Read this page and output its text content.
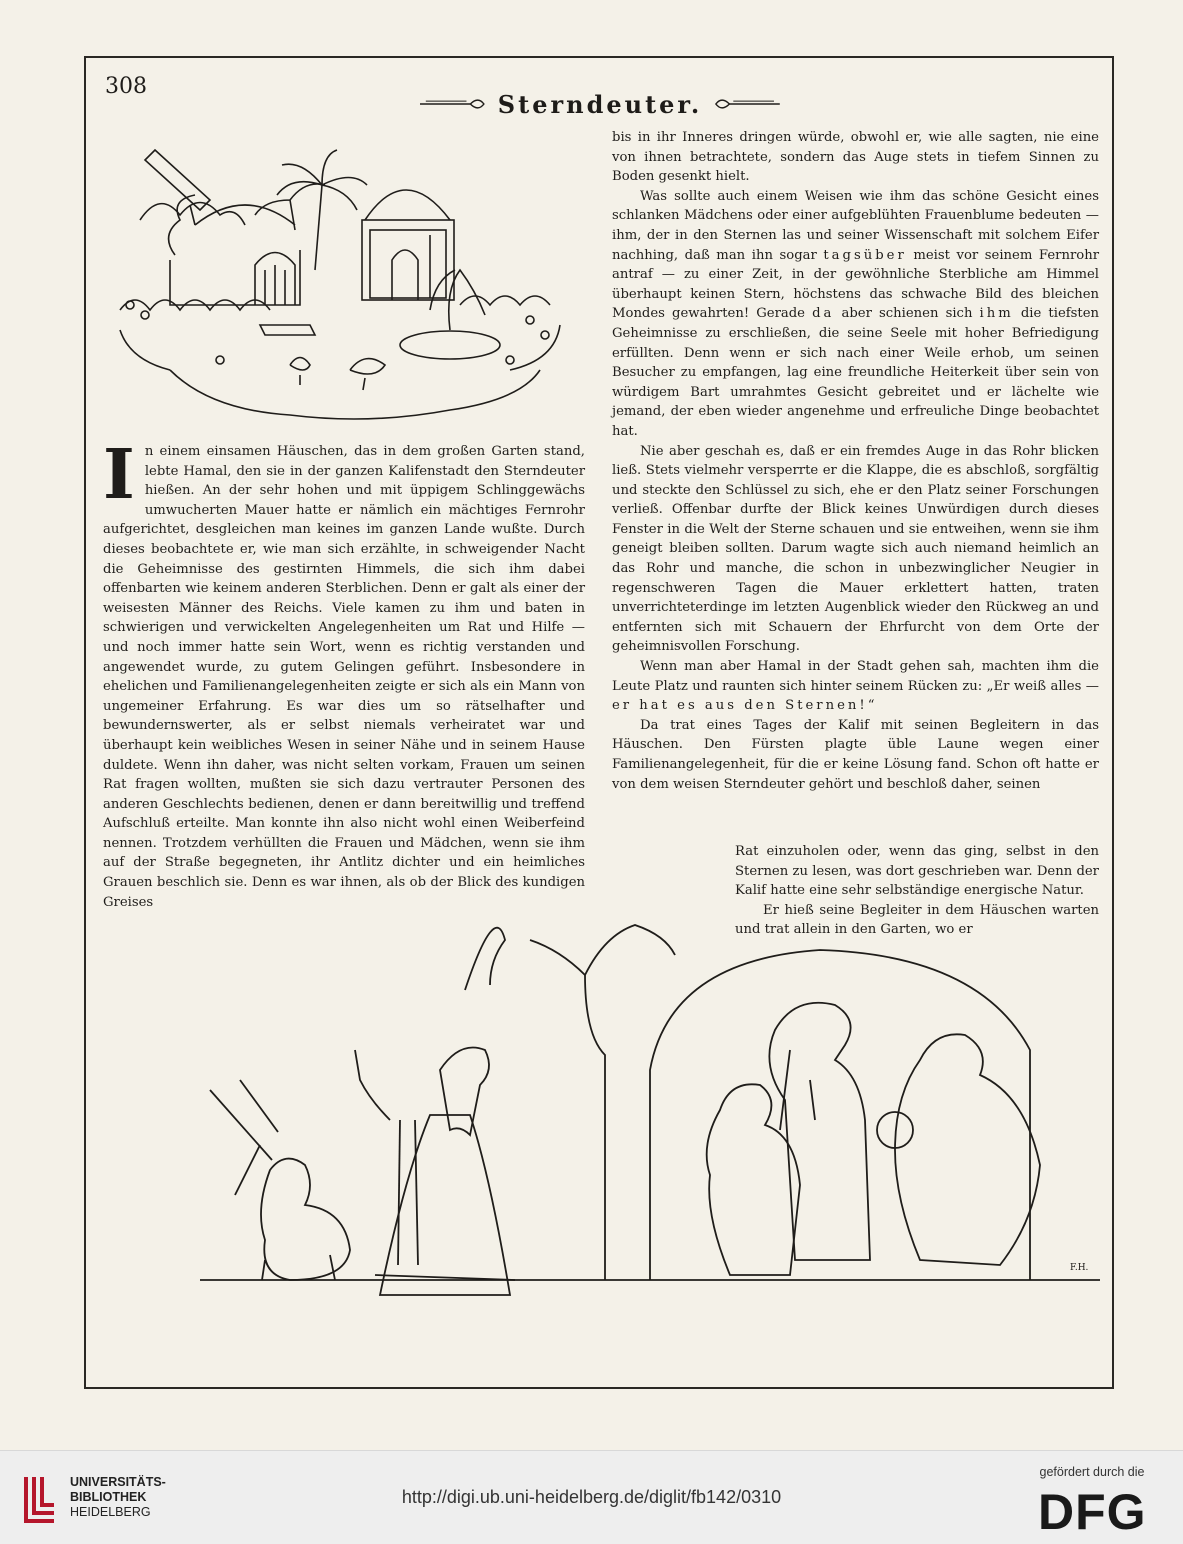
308
Sterndeuter.

In einem einsamen Häuschen, das in dem großen Garten stand, lebte Hamal, den sie in der ganzen Kalifenstadt den Sterndeuter hießen. An der sehr hohen und mit üppigem Schlinggewächs umwucherten Mauer hatte er nämlich ein mächtiges Fernrohr aufgerichtet, desgleichen man keines im ganzen Lande wußte. Durch dieses beobachtete er, wie man sich erzählte, in schweigender Nacht die Geheimnisse des gestirnten Himmels, die sich ihm dabei offenbarten wie keinem anderen Sterblichen. Denn er galt als einer der weisesten Männer des Reichs. Viele kamen zu ihm und baten in schwierigen und verwickelten Angelegenheiten um Rat und Hilfe — und noch immer hatte sein Wort, wenn es richtig verstanden und angewendet wurde, zu gutem Gelingen geführt. Insbesondere in ehelichen und Familienangelegenheiten zeigte er sich als ein Mann von ungemeiner Erfahrung. Es war dies um so rätselhafter und bewundernswerter, als er selbst niemals verheiratet war und überhaupt kein weibliches Wesen in seiner Nähe und in seinem Hause duldete. Wenn ihn daher, was nicht selten vorkam, Frauen um seinen Rat fragen wollten, mußten sie sich dazu vertrauter Personen des anderen Geschlechts bedienen, denen er dann bereitwillig und treffend Aufschluß erteilte. Man konnte ihn also nicht wohl einen Weiberfeind nennen. Trotzdem verhüllten die Frauen und Mädchen, wenn sie ihm auf der Straße begegneten, ihr Antlitz dichter und ein heimliches Grauen beschlich sie. Denn es war ihnen, als ob der Blick des kundigen Greises

bis in ihr Inneres dringen würde, obwohl er, wie alle sagten, nie eine von ihnen betrachtete, sondern das Auge stets in tiefem Sinnen zu Boden gesenkt hielt.

Was sollte auch einem Weisen wie ihm das schöne Gesicht eines schlanken Mädchens oder einer aufgeblühten Frauenblume bedeuten — ihm, der in den Sternen las und seiner Wissenschaft mit solchem Eifer nachhing, daß man ihn sogar tagsüber meist vor seinem Fernrohr antraf — zu einer Zeit, in der gewöhnliche Sterbliche am Himmel überhaupt keinen Stern, höchstens das schwache Bild des bleichen Mondes gewahrten! Gerade da aber schienen sich ihm die tiefsten Geheimnisse zu erschließen, die seine Seele mit hoher Befriedigung erfüllten. Denn wenn er sich nach einer Weile erhob, um seinen Besucher zu empfangen, lag eine freundliche Heiterkeit über sein von würdigem Bart umrahmtes Gesicht gebreitet und er lächelte wie jemand, der eben wieder angenehme und erfreuliche Dinge beobachtet hat.

Nie aber geschah es, daß er ein fremdes Auge in das Rohr blicken ließ. Stets vielmehr versperrte er die Klappe, die es abschloß, sorgfältig und steckte den Schlüssel zu sich, ehe er den Platz seiner Forschungen verließ. Offenbar durfte der Blick keines Unwürdigen durch dieses Fenster in die Welt der Sterne schauen und sie entweihen, wenn sie ihm geneigt bleiben sollten. Darum wagte sich auch niemand heimlich an das Rohr und manche, die schon in unbezwinglicher Neugier in regenschweren Tagen die Mauer erklettert hatten, traten unverrichteterdinge im letzten Augenblick wieder den Rückweg an und entfernten sich mit Schauern der Ehrfurcht von dem Orte der geheimnisvollen Forschung.

Wenn man aber Hamal in der Stadt gehen sah, machten ihm die Leute Platz und raunten sich hinter seinem Rücken zu: „Er weiß alles — er hat es aus den Sternen!“

Da trat eines Tages der Kalif mit seinen Begleitern in das Häuschen. Den Fürsten plagte üble Laune wegen einer Familienangelegenheit, für die er keine Lösung fand. Schon oft hatte er von dem weisen Sterndeuter gehört und beschloß daher, seinen

Rat einzuholen oder, wenn das ging, selbst in den Sternen zu lesen, was dort geschrieben war. Denn der Kalif hatte eine sehr selbständige energische Natur.

Er hieß seine Begleiter in dem Häuschen warten und trat allein in den Garten, wo er

F.H.
UNIVERSITÄTS-
BIBLIOTHEK
HEIDELBERG
http://digi.ub.uni-heidelberg.de/diglit/fb142/0310
gefördert durch die
DFG
